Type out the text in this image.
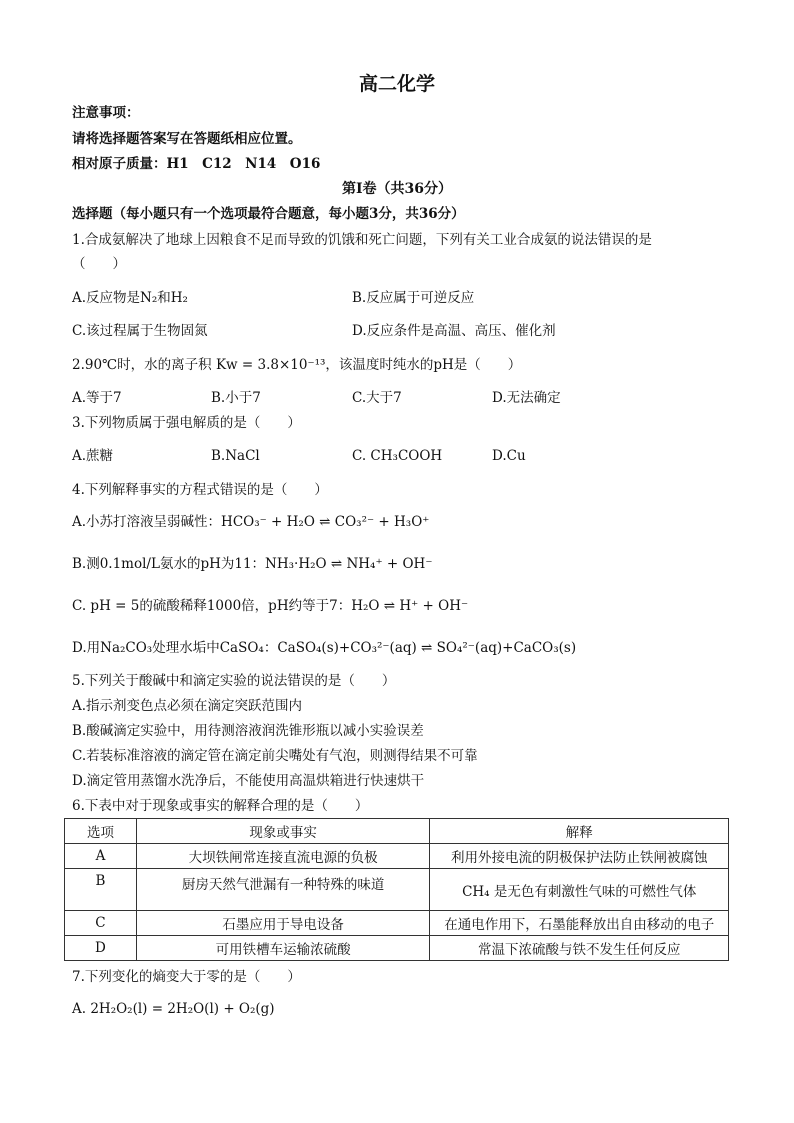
高二化学
注意事项：
请将选择题答案写在答题纸相应位置。
相对原子质量：H1　C12　N14　O16
第Ⅰ卷（共36分）
选择题（每小题只有一个选项最符合题意，每小题3分，共36分）
1.合成氨解决了地球上因粮食不足而导致的饥饿和死亡问题，下列有关工业合成氨的说法错误的是
（　　）
A.反应物是N₂和H₂	B.反应属于可逆反应
C.该过程属于生物固氮	D.反应条件是高温、高压、催化剂
2.90℃时，水的离子积 Kw = 3.8×10⁻¹³，该温度时纯水的pH是（　　）
A.等于7	B.小于7	C.大于7	D.无法确定
3.下列物质属于强电解质的是（　　）
A.蔗糖	B.NaCl	C. CH₃COOH	D.Cu
4.下列解释事实的方程式错误的是（　　）
A.小苏打溶液呈弱碱性：HCO₃⁻ + H₂O ⇌ CO₃²⁻ + H₃O⁺
B.测0.1mol/L氨水的pH为11：NH₃·H₂O ⇌ NH₄⁺ + OH⁻
C. pH = 5的硫酸稀释1000倍，pH约等于7：H₂O ⇌ H⁺ + OH⁻
D.用Na₂CO₃处理水垢中CaSO₄：CaSO₄(s)+CO₃²⁻(aq) ⇌ SO₄²⁻(aq)+CaCO₃(s)
5.下列关于酸碱中和滴定实验的说法错误的是（　　）
A.指示剂变色点必须在滴定突跃范围内
B.酸碱滴定实验中，用待测溶液润洗锥形瓶以减小实验误差
C.若装标准溶液的滴定管在滴定前尖嘴处有气泡，则测得结果不可靠
D.滴定管用蒸馏水洗净后，不能使用高温烘箱进行快速烘干
6.下表中对于现象或事实的解释合理的是（　　）
选项	现象或事实	解释
A	大坝铁闸常连接直流电源的负极	利用外接电流的阴极保护法防止铁闸被腐蚀
B	厨房天然气泄漏有一种特殊的味道	CH₄ 是无色有刺激性气味的可燃性气体
C	石墨应用于导电设备	在通电作用下，石墨能释放出自由移动的电子
D	可用铁槽车运输浓硫酸	常温下浓硫酸与铁不发生任何反应
7.下列变化的熵变大于零的是（　　）
A. 2H₂O₂(l) = 2H₂O(l) + O₂(g)
